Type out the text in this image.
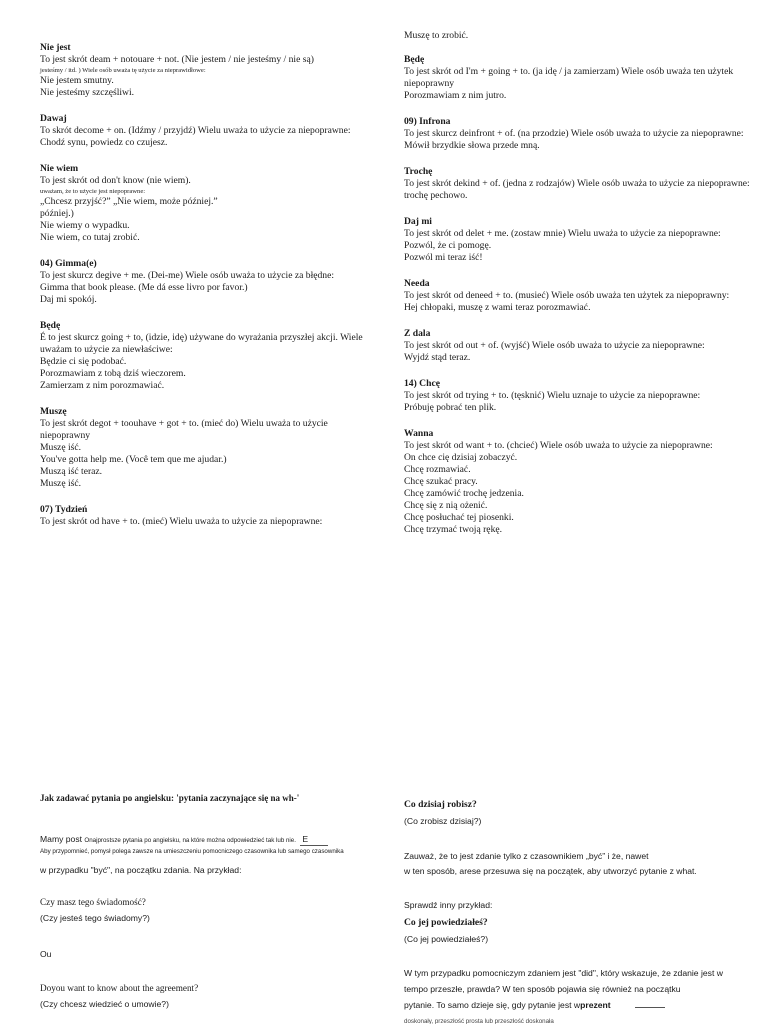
Muszę to zrobić.
Nie jest
To jest skrót deam + notouare + not. (Nie jestem / nie jesteśmy / nie są)
jesteśmy / itd. ) Wiele osób uważa tę użycie za nieprawidłowe:
Nie jestem smutny.
Nie jesteśmy szczęśliwi.
Dawaj
To skrót decome + on. (Idźmy / przyjdź) Wielu uważa to użycie za niepoprawne:
Chodź synu, powiedz co czujesz.
Nie wiem
To jest skrót od don't know (nie wiem).
uważam, że to użycie jest niepoprawne:
„Chcesz przyjść?” „Nie wiem, może później.”
później.)
Nie wiemy o wypadku.
Nie wiem, co tutaj zrobić.
04) Gimma(e)
To jest skurcz degive + me. (Dei-me) Wiele osób uważa to użycie za błędne:
Gimma that book please. (Me dá esse livro por favor.)
Daj mi spokój.
Będę
É to jest skurcz going + to, (idzie, idę) używane do wyrażania przyszłej akcji. Wiele
uważam to użycie za niewłaściwe:
Będzie ci się podobać.
Porozmawiam z tobą dziś wieczorem.
Zamierzam z nim porozmawiać.
Muszę
To jest skrót degot + toouhave + got + to. (mieć do) Wielu uważa to użycie
niepoprawny
Muszę iść.
You've gotta help me. (Você tem que me ajudar.)
Muszą iść teraz.
Muszę iść.
07) Tydzień
To jest skrót od have + to. (mieć) Wielu uważa to użycie za niepoprawne:
Będę
To jest skrót od I'm + going + to. (ja idę / ja zamierzam) Wiele osób uważa ten użytek
niepoprawny
Porozmawiam z nim jutro.
09) Infrona
To jest skurcz deinfront + of. (na przodzie) Wiele osób uważa to użycie za niepoprawne:
Mówił brzydkie słowa przede mną.
Trochę
To jest skrót dekind + of. (jedna z rodzajów) Wiele osób uważa to użycie za niepoprawne:
trochę pechowo.
Daj mi
To jest skrót od delet + me. (zostaw mnie) Wielu uważa to użycie za niepoprawne:
Pozwól, że ci pomogę.
Pozwól mi teraz iść!
Needa
To jest skrót od deneed + to. (musieć) Wiele osób uważa ten użytek za niepoprawny:
Hej chłopaki, muszę z wami teraz porozmawiać.
Z dala
To jest skrót od out + of. (wyjść) Wiele osób uważa to użycie za niepoprawne:
Wyjdź stąd teraz.
14) Chcę
To jest skrót od trying + to. (tęsknić) Wielu uznaje to użycie za niepoprawne:
Próbuję pobrać ten plik.
Wanna
To jest skrót od want + to. (chcieć) Wiele osób uważa to użycie za niepoprawne:
On chce cię dzisiaj zobaczyć.
Chcę rozmawiać.
Chcę szukać pracy.
Chcę zamówić trochę jedzenia.
Chcę się z nią ożenić.
Chcę posłuchać tej piosenki.
Chcę trzymać twoją rękę.
Jak zadawać pytania po angielsku: 'pytania zaczynające się na wh-'
Mamy post Onajprostsze pytania po angielsku, na które można odpowiedzieć tak lub nie. E
Aby przypomnieć, pomysł polega zawsze na umieszczeniu pomocniczego czasownika lub samego czasownika
w przypadku "być", na początku zdania. Na przykład:
Czy masz tego świadomość?
(Czy jesteś tego świadomy?)
Ou
Doyou want to know about the agreement?
(Czy chcesz wiedzieć o umowie?)
Co dzisiaj robisz?
(Co zrobisz dzisiaj?)
Zauważ, że to jest zdanie tylko z czasownikiem „być” i że, nawet
w ten sposób, arese przesuwa się na początek, aby utworzyć pytanie z what.
Sprawdź inny przykład:
Co jej powiedziałeś?
(Co jej powiedziałeś?)
W tym przypadku pomocniczym zdaniem jest "did", który wskazuje, że zdanie jest w
tempo przeszłe, prawda? W ten sposób pojawia się również na początku
pytanie. To samo dzieje się, gdy pytanie jest wprezent
doskonały, przeszłość prosta lub przeszłość doskonała
